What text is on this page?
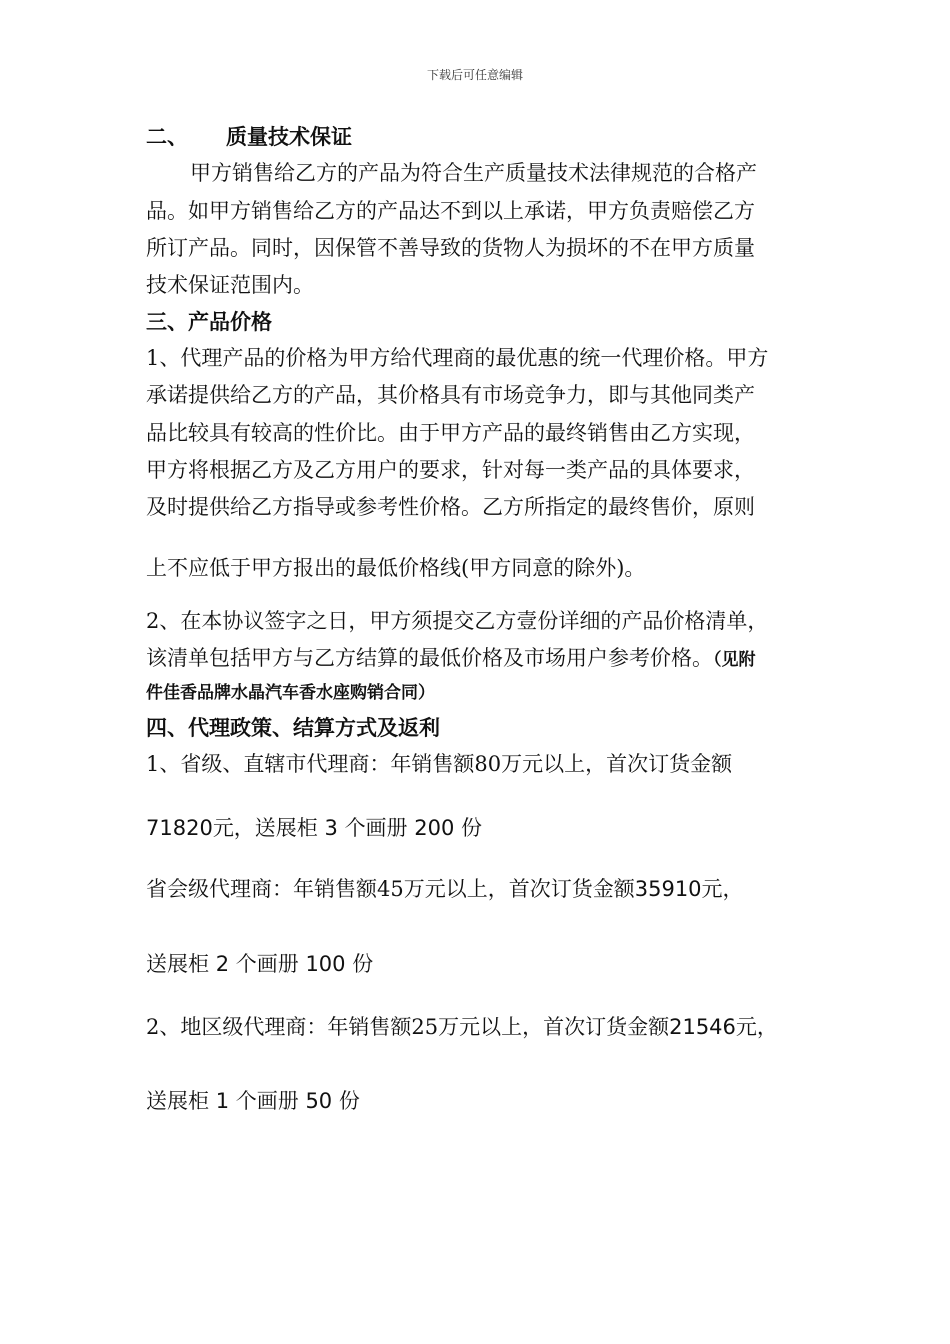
下载后可任意编辑
二、 质量技术保证
甲方销售给乙方的产品为符合生产质量技术法律规范的合格产
品。如甲方销售给乙方的产品达不到以上承诺，甲方负责赔偿乙方
所订产品。同时，因保管不善导致的货物人为损坏的不在甲方质量
技术保证范围内。
三、产品价格
1、代理产品的价格为甲方给代理商的最优惠的统一代理价格。甲方
承诺提供给乙方的产品，其价格具有市场竞争力，即与其他同类产
品比较具有较高的性价比。由于甲方产品的最终销售由乙方实现，
甲方将根据乙方及乙方用户的要求，针对每一类产品的具体要求，
及时提供给乙方指导或参考性价格。乙方所指定的最终售价，原则
上不应低于甲方报出的最低价格线(甲方同意的除外)。
2、在本协议签字之日，甲方须提交乙方壹份详细的产品价格清单，
该清单包括甲方与乙方结算的最低价格及市场用户参考价格。（见附
件佳香品牌水晶汽车香水座购销合同）
四、代理政策、结算方式及返利
1、省级、直辖市代理商：年销售额80万元以上，首次订货金额
71820元，送展柜 3 个画册 200 份
省会级代理商：年销售额45万元以上，首次订货金额35910元，
送展柜 2 个画册 100 份
2、地区级代理商：年销售额25万元以上，首次订货金额21546元，
送展柜 1 个画册 50 份
